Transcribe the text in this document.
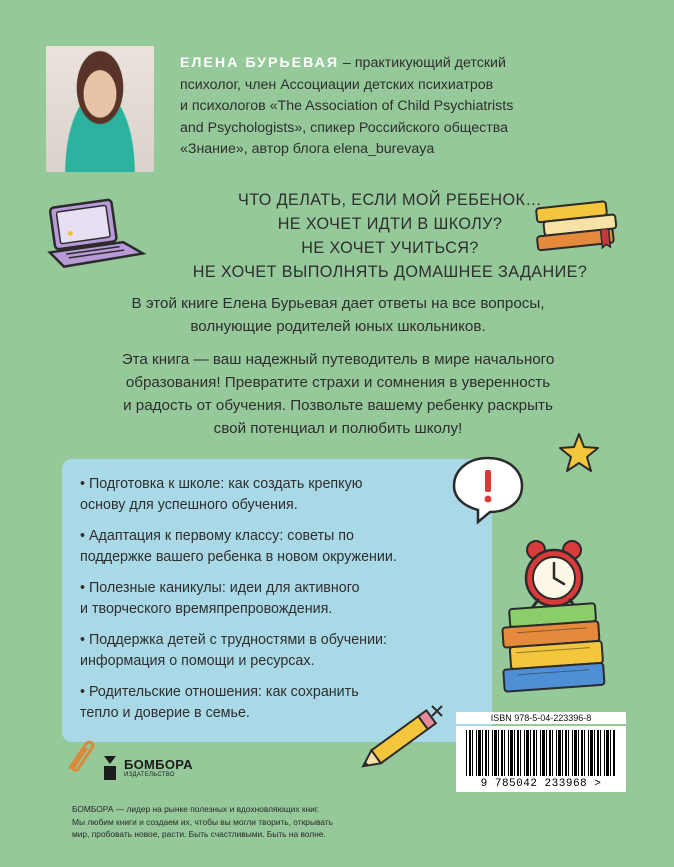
ЕЛЕНА БУРЬЕВАЯ – практикующий детский
психолог, член Ассоциации детских психиатров
и психологов «The Association of Child Psychiatrists
and Psychologists», спикер Российского общества
«Знание», автор блога elena_burevaya
ЧТО ДЕЛАТЬ, ЕСЛИ МОЙ РЕБЕНОК…
НЕ ХОЧЕТ ИДТИ В ШКОЛУ?
НЕ ХОЧЕТ УЧИТЬСЯ?
НЕ ХОЧЕТ ВЫПОЛНЯТЬ ДОМАШНЕЕ ЗАДАНИЕ?
В этой книге Елена Бурьевая дает ответы на все вопросы,
волнующие родителей юных школьников.
Эта книга — ваш надежный путеводитель в мире начального
образования! Превратите страхи и сомнения в уверенность
и радость от обучения. Позвольте вашему ребенку раскрыть
свой потенциал и полюбить школу!
• Подготовка к школе: как создать крепкую
основу для успешного обучения.
• Адаптация к первому классу: советы по
поддержке вашего ребенка в новом окружении.
• Полезные каникулы: идеи для активного
и творческого времяпрепровождения.
• Поддержка детей с трудностями в обучении:
информация о помощи и ресурсах.
• Родительские отношения: как сохранить
тепло и доверие в семье.	ISBN 978-5-04-223396-8
9 785042 233968 >
БОМБОРА
ИЗДАТЕЛЬСТВО
БОМБОРА — лидер на рынке полезных и вдохновляющих книг.
Мы любим книги и создаем их, чтобы вы могли творить, открывать
мир, пробовать новое, расти. Быть счастливыми. Быть на волне.
